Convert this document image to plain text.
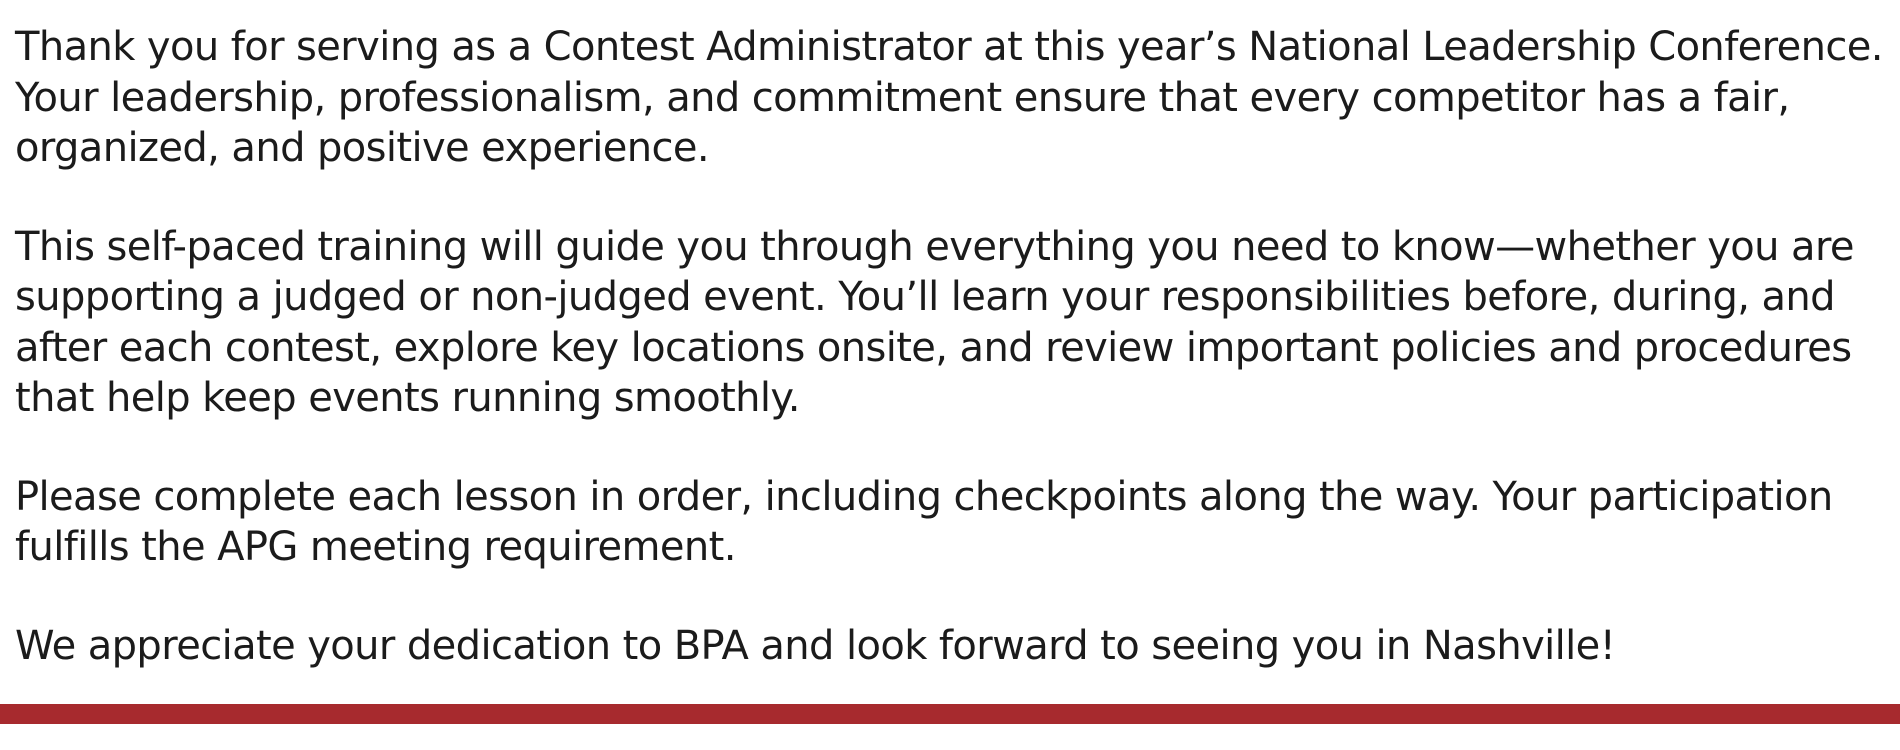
Thank you for serving as a Contest Administrator at this year’s National Leadership Conference. Your leadership, professionalism, and commitment ensure that every competitor has a fair, organized, and positive experience.

This self-paced training will guide you through everything you need to know—whether you are supporting a judged or non-judged event. You’ll learn your responsibilities before, during, and after each contest, explore key locations onsite, and review important policies and procedures that help keep events running smoothly.

Please complete each lesson in order, including checkpoints along the way. Your participation fulfills the APG meeting requirement.

We appreciate your dedication to BPA and look forward to seeing you in Nashville!
